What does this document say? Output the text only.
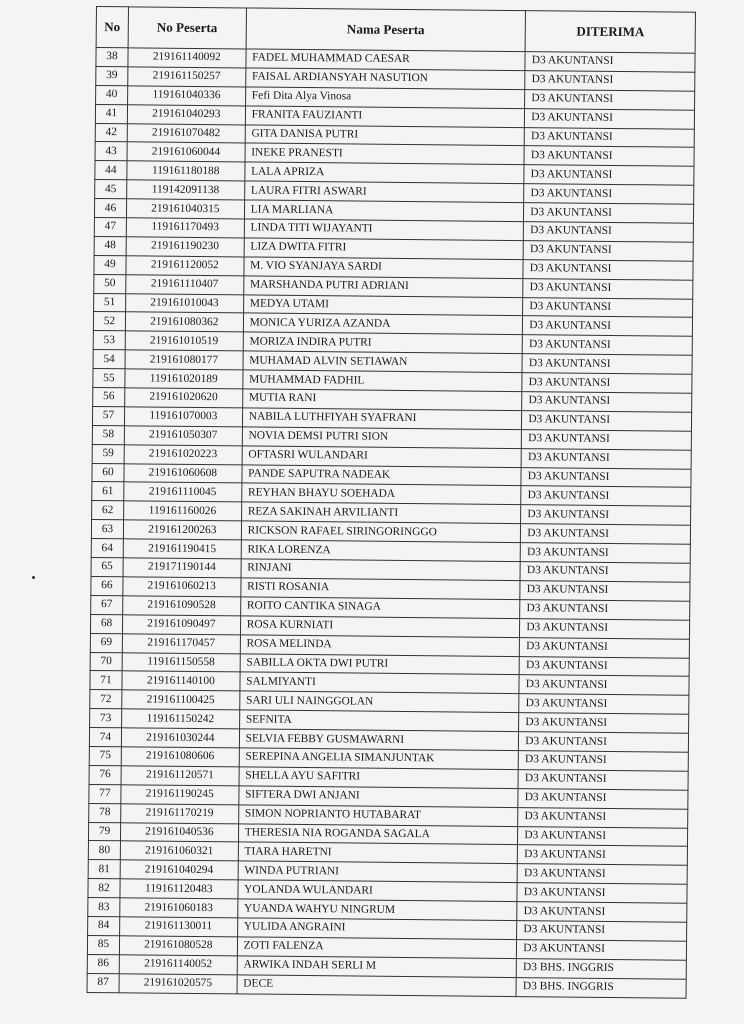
No	No Peserta	Nama Peserta	DITERIMA
38	219161140092	FADEL MUHAMMAD CAESAR	D3 AKUNTANSI
39	219161150257	FAISAL ARDIANSYAH NASUTION	D3 AKUNTANSI
40	119161040336	Fefi Dita Alya Vinosa	D3 AKUNTANSI
41	219161040293	FRANITA FAUZIANTI	D3 AKUNTANSI
42	219161070482	GITA DANISA PUTRI	D3 AKUNTANSI
43	219161060044	INEKE PRANESTI	D3 AKUNTANSI
44	119161180188	LALA APRIZA	D3 AKUNTANSI
45	119142091138	LAURA FITRI ASWARI	D3 AKUNTANSI
46	219161040315	LIA MARLIANA	D3 AKUNTANSI
47	119161170493	LINDA TITI WIJAYANTI	D3 AKUNTANSI
48	219161190230	LIZA DWITA FITRI	D3 AKUNTANSI
49	219161120052	M. VIO SYANJAYA SARDI	D3 AKUNTANSI
50	219161110407	MARSHANDA PUTRI ADRIANI	D3 AKUNTANSI
51	219161010043	MEDYA UTAMI	D3 AKUNTANSI
52	219161080362	MONICA YURIZA AZANDA	D3 AKUNTANSI
53	219161010519	MORIZA INDIRA PUTRI	D3 AKUNTANSI
54	219161080177	MUHAMAD ALVIN SETIAWAN	D3 AKUNTANSI
55	119161020189	MUHAMMAD FADHIL	D3 AKUNTANSI
56	219161020620	MUTIA RANI	D3 AKUNTANSI
57	119161070003	NABILA LUTHFIYAH SYAFRANI	D3 AKUNTANSI
58	219161050307	NOVIA DEMSI PUTRI SION	D3 AKUNTANSI
59	219161020223	OFTASRI WULANDARI	D3 AKUNTANSI
60	219161060608	PANDE SAPUTRA NADEAK	D3 AKUNTANSI
61	219161110045	REYHAN BHAYU SOEHADA	D3 AKUNTANSI
62	119161160026	REZA SAKINAH ARVILIANTI	D3 AKUNTANSI
63	219161200263	RICKSON RAFAEL SIRINGORINGGO	D3 AKUNTANSI
64	219161190415	RIKA LORENZA	D3 AKUNTANSI
65	219171190144	RINJANI	D3 AKUNTANSI
66	219161060213	RISTI ROSANIA	D3 AKUNTANSI
67	219161090528	ROITO CANTIKA SINAGA	D3 AKUNTANSI
68	219161090497	ROSA KURNIATI	D3 AKUNTANSI
69	219161170457	ROSA MELINDA	D3 AKUNTANSI
70	119161150558	SABILLA OKTA DWI PUTRI	D3 AKUNTANSI
71	219161140100	SALMIYANTI	D3 AKUNTANSI
72	219161100425	SARI ULI NAINGGOLAN	D3 AKUNTANSI
73	119161150242	SEFNITA	D3 AKUNTANSI
74	219161030244	SELVIA FEBBY GUSMAWARNI	D3 AKUNTANSI
75	219161080606	SEREPINA ANGELIA SIMANJUNTAK	D3 AKUNTANSI
76	219161120571	SHELLA AYU SAFITRI	D3 AKUNTANSI
77	219161190245	SIFTERA DWI ANJANI	D3 AKUNTANSI
78	219161170219	SIMON NOPRIANTO HUTABARAT	D3 AKUNTANSI
79	219161040536	THERESIA NIA ROGANDA SAGALA	D3 AKUNTANSI
80	219161060321	TIARA HARETNI	D3 AKUNTANSI
81	219161040294	WINDA PUTRIANI	D3 AKUNTANSI
82	119161120483	YOLANDA WULANDARI	D3 AKUNTANSI
83	219161060183	YUANDA WAHYU NINGRUM	D3 AKUNTANSI
84	219161130011	YULIDA ANGRAINI	D3 AKUNTANSI
85	219161080528	ZOTI FALENZA	D3 AKUNTANSI
86	219161140052	ARWIKA INDAH SERLI M	D3 BHS. INGGRIS
87	219161020575	DECE	D3 BHS. INGGRIS
